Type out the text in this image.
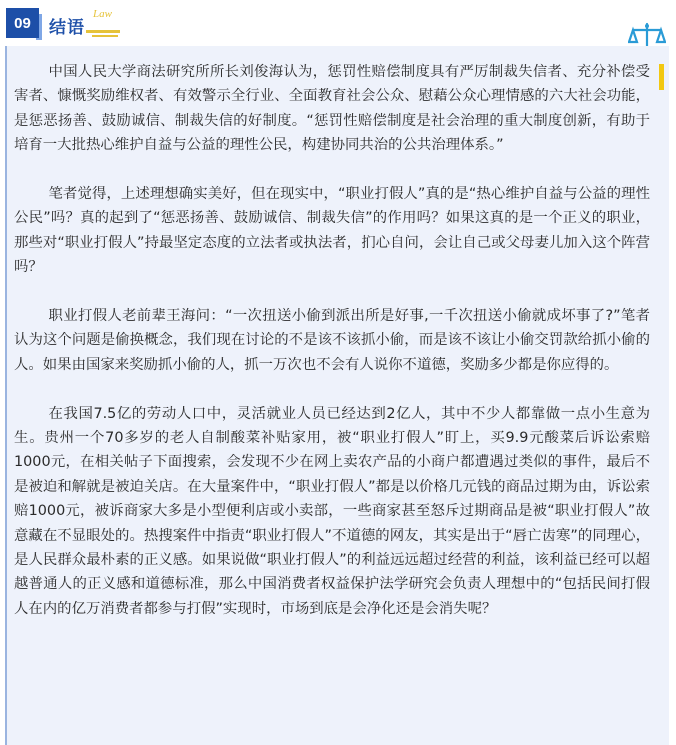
09	结语
Law

中国人民大学商法研究所所长刘俊海认为，惩罚性赔偿制度具有严厉制裁失信者、充分补偿受害者、慷慨奖励维权者、有效警示全行业、全面教育社会公众、慰藉公众心理情感的六大社会功能，是惩恶扬善、鼓励诚信、制裁失信的好制度。“惩罚性赔偿制度是社会治理的重大制度创新，有助于培育一大批热心维护自益与公益的理性公民，构建协同共治的公共治理体系。”

笔者觉得，上述理想确实美好，但在现实中，“职业打假人”真的是“热心维护自益与公益的理性公民”吗？真的起到了“惩恶扬善、鼓励诚信、制裁失信”的作用吗？如果这真的是一个正义的职业，那些对“职业打假人”持最坚定态度的立法者或执法者，扪心自问，会让自己或父母妻儿加入这个阵营吗？

职业打假人老前辈王海问：“一次扭送小偷到派出所是好事,一千次扭送小偷就成坏事了?”笔者认为这个问题是偷换概念，我们现在讨论的不是该不该抓小偷，而是该不该让小偷交罚款给抓小偷的人。如果由国家来奖励抓小偷的人，抓一万次也不会有人说你不道德，奖励多少都是你应得的。

在我国7.5亿的劳动人口中，灵活就业人员已经达到2亿人，其中不少人都靠做一点小生意为生。贵州一个70多岁的老人自制酸菜补贴家用，被“职业打假人”盯上，买9.9元酸菜后诉讼索赔1000元，在相关帖子下面搜索，会发现不少在网上卖农产品的小商户都遭遇过类似的事件，最后不是被迫和解就是被迫关店。在大量案件中，“职业打假人”都是以价格几元钱的商品过期为由，诉讼索赔1000元，被诉商家大多是小型便利店或小卖部，一些商家甚至怒斥过期商品是被“职业打假人”故意藏在不显眼处的。热搜案件中指责“职业打假人”不道德的网友，其实是出于“唇亡齿寒”的同理心，是人民群众最朴素的正义感。如果说做“职业打假人”的利益远远超过经营的利益，该利益已经可以超越普通人的正义感和道德标准，那么中国消费者权益保护法学研究会负责人理想中的“包括民间打假人在内的亿万消费者都参与打假”实现时，市场到底是会净化还是会消失呢？
